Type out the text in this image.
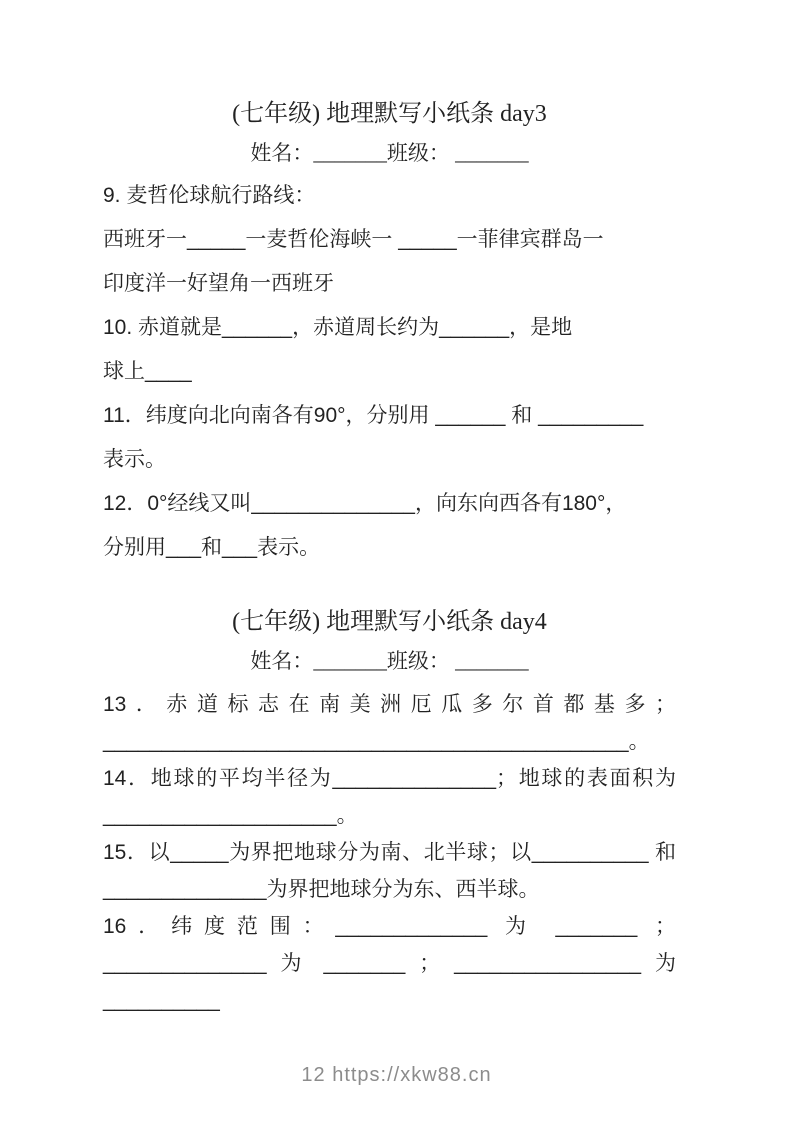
(七年级) 地理默写小纸条 day3
姓名：_______班级： _______

9. 麦哲伦球航行路线：

西班牙一_____一麦哲伦海峡一 _____一菲律宾群岛一

印度洋一好望角一西班牙

10. 赤道就是______，赤道周长约为______，是地

球上____

11．纬度向北向南各有90°，分别用 ______ 和 _________

表示。

12．0°经线又叫______________，向东向西各有180°，

分别用___和___表示。

(七年级) 地理默写小纸条 day4
姓名：_______班级： _______

13．赤道标志在南美洲厄瓜多尔首都基多；

_____________________________________________。

14．地球的平均半径为______________；地球的表面积为

____________________。

15．以_____为界把地球分为南、北半球；以__________ 和

______________为界把地球分为东、西半球。

16．纬度范围：_____________ 为 _______ ；

______________ 为 _______ ； ________________ 为

__________

12 https://xkw88.cn
